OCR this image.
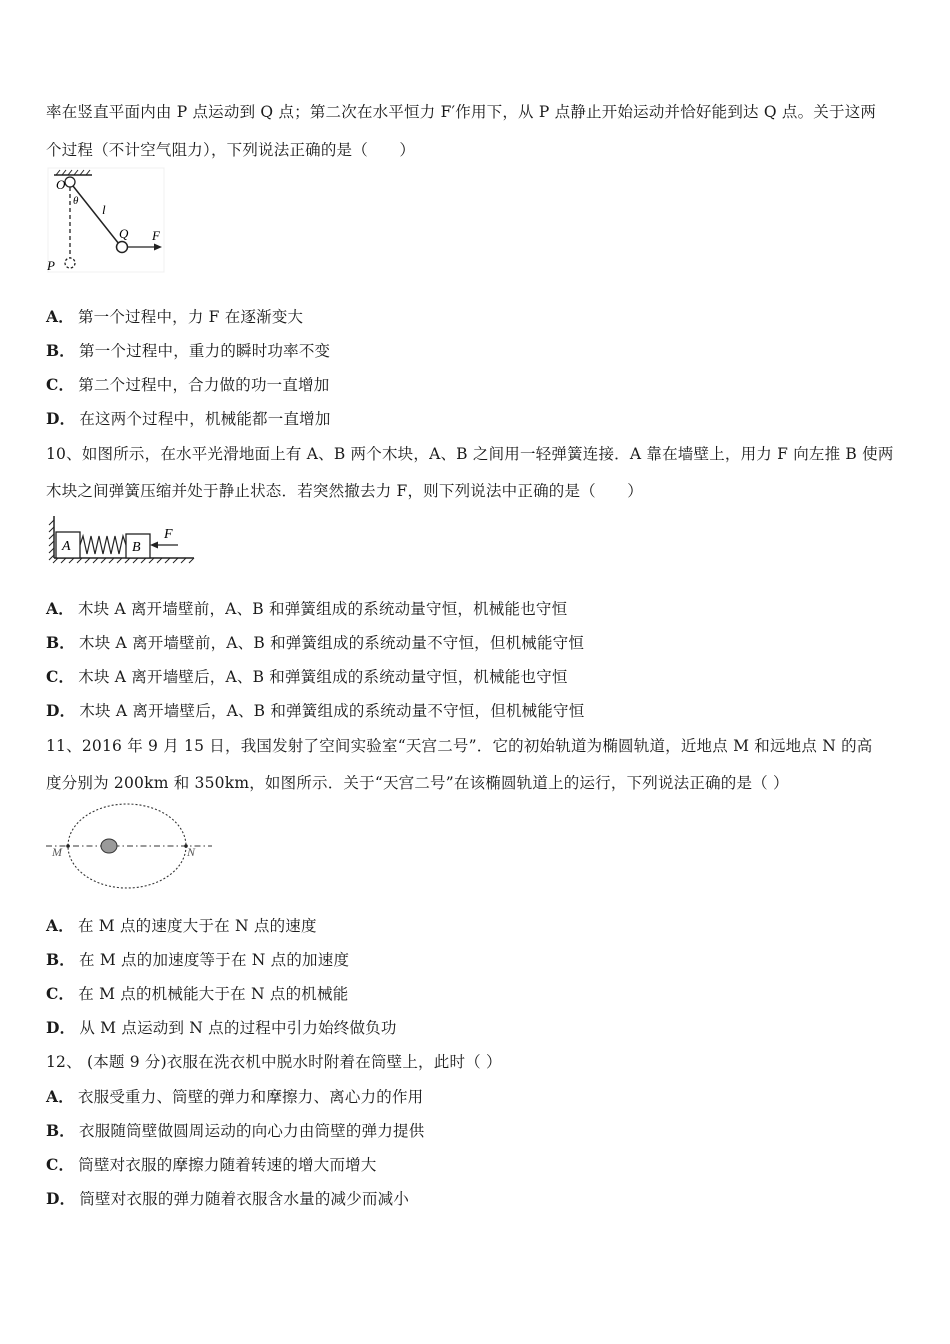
率在竖直平面内由 P 点运动到 Q 点；第二次在水平恒力 F′作用下，从 P 点静止开始运动并恰好能到达 Q 点。关于这两
个过程（不计空气阻力），下列说法正确的是（　　）
O
θ
l
Q F
P
A． 第一个过程中，力 F 在逐渐变大
B． 第一个过程中，重力的瞬时功率不变
C． 第二个过程中，合力做的功一直增加
D． 在这两个过程中，机械能都一直增加
10、如图所示，在水平光滑地面上有 A、B 两个木块，A、B 之间用一轻弹簧连接．A 靠在墙壁上，用力 F 向左推 B 使两
木块之间弹簧压缩并处于静止状态．若突然撤去力 F，则下列说法中正确的是（　　）
A	B
F
A． 木块 A 离开墙壁前，A、B 和弹簧组成的系统动量守恒，机械能也守恒
B． 木块 A 离开墙壁前，A、B 和弹簧组成的系统动量不守恒，但机械能守恒
C． 木块 A 离开墙壁后，A、B 和弹簧组成的系统动量守恒，机械能也守恒
D． 木块 A 离开墙壁后，A、B 和弹簧组成的系统动量不守恒，但机械能守恒
11、2016 年 9 月 15 日，我国发射了空间实验室“天宫二号”．它的初始轨道为椭圆轨道，近地点 M 和远地点 N 的高
度分别为 200km 和 350km，如图所示．关于“天宫二号”在该椭圆轨道上的运行，下列说法正确的是（ ）
M	N
A． 在 M 点的速度大于在 N 点的速度
B． 在 M 点的加速度等于在 N 点的加速度
C． 在 M 点的机械能大于在 N 点的机械能
D． 从 M 点运动到 N 点的过程中引力始终做负功
12、 (本题 9 分)衣服在洗衣机中脱水时附着在筒壁上，此时（ ）
A． 衣服受重力、筒壁的弹力和摩擦力、离心力的作用
B． 衣服随筒壁做圆周运动的向心力由筒壁的弹力提供
C． 筒壁对衣服的摩擦力随着转速的增大而增大
D． 筒壁对衣服的弹力随着衣服含水量的减少而减小
